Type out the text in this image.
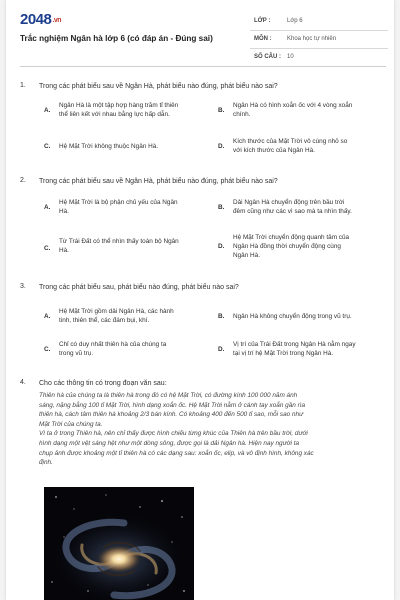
$2048^{.vn}$
Trắc nghiệm Ngân hà lớp 6 (có đáp án - Đúng sai)
LỚP :	Lớp 6
MÔN :	Khoa học tự nhiên
SỐ CÂU : 10
1. Trong các phát biểu sau về Ngân Hà, phát biểu nào đúng, phát biểu nào sai?
A.
Ngân Hà là một tập hợp hàng trăm tỉ thiên
thể liên kết với nhau bằng lực hấp dẫn.
B.
Ngân Hà có hình xoắn ốc với 4 vòng xoắn
chính.
C. Hệ Mặt Trời không thuộc Ngân Hà.	D.
Kích thước của Mặt Trời vô cùng nhỏ so
với kích thước của Ngân Hà.
2. Trong các phát biểu sau về Ngân Hà, phát biểu nào đúng, phát biểu nào sai?
A.
Hệ Mặt Trời là bộ phận chủ yếu của Ngân
Hà.
B.
Dải Ngân Hà chuyển động trên bầu trời
đêm cũng như các vì sao mà ta nhìn thấy.
C.
Từ Trái Đất có thể nhìn thấy toàn bộ Ngân
Hà.
D.
Hệ Mặt Trời chuyển động quanh tâm của
Ngân Hà đồng thời chuyển động cùng
Ngân Hà.
3. Trong các phát biểu sau, phát biểu nào đúng, phát biểu nào sai?
A.
Hệ Mặt Trời gồm dải Ngân Hà, các hành
tinh, thiên thể, các đám bụi, khí.
B. Ngân Hà không chuyển động trong vũ trụ.
C.
Chỉ có duy nhất thiên hà của chúng ta
trong vũ trụ.
D.
Vị trí của Trái Đất trong Ngân Hà nằm ngay
tại vị trí hệ Mặt Trời trong Ngân Hà.
4. Cho các thông tin có trong đoạn văn sau:

Thiên hà của chúng ta là thiên hà trong đó có hệ Mặt Trời, có đường kính 100 000 năm ánh

sáng, nặng bằng 100 tỉ Mặt Trời, hình dạng xoắn ốc. Hệ Mặt Trời nằm ở cánh tay xoắn gần rìa

thiên hà, cách tâm thiên hà khoảng 2/3 bán kính. Có khoảng 400 đến 500 tỉ sao, mỗi sao như

Mặt Trời của chúng ta.

Vì ta ở trong Thiên hà, nên chỉ thấy được hình chiếu từng khúc của Thiên hà trên bầu trời, dưới

hình dạng một vệt sáng hệt như một dòng sông, được gọi là dải Ngân hà. Hiện nay người ta

chụp ảnh được khoảng một tỉ thiên hà có các dạng sau: xoắn ốc, elip, và vô định hình, không xác

định.
